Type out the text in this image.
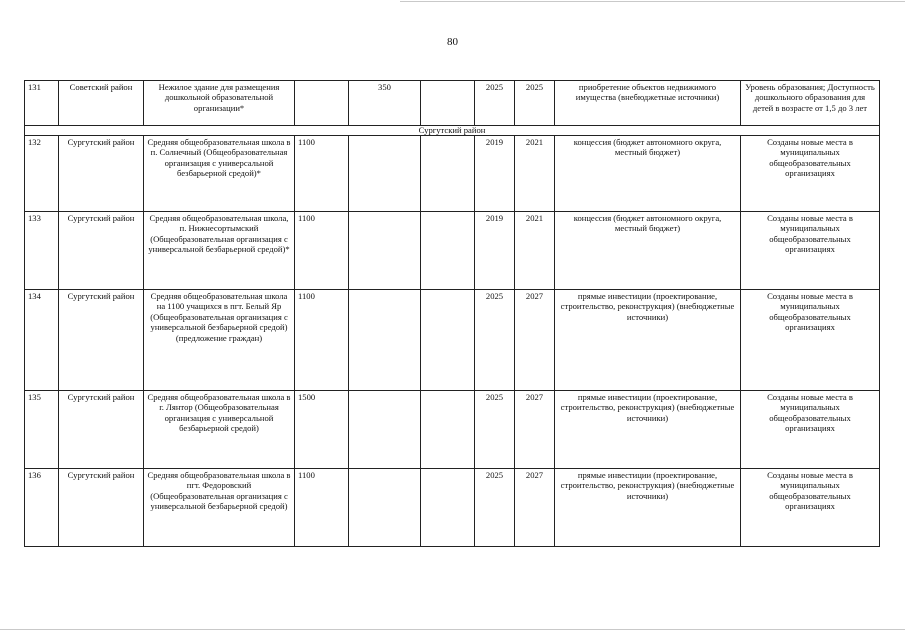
80
131	Советский район	Нежилое здание для размещения дошкольной образовательной организации*		350		2025	2025	приобретение объектов недвижимого имущества (внебюджетные источники)	Уровень образования; Доступность дошкольного образования для детей в возрасте от 1,5 до 3 лет
Сургутский район									
132	Сургутский район	Средняя общеобразовательная школа в п. Солнечный (Общеобразовательная организация с универсальной безбарьерной средой)*	1100			2019	2021	концессия (бюджет автономного округа, местный бюджет)	Созданы новые места в муниципальных общеобразовательных организациях
133	Сургутский район	Средняя общеобразовательная школа, п. Нижнесортымский (Общеобразовательная организация с универсальной безбарьерной средой)*	1100			2019	2021	концессия (бюджет автономного округа, местный бюджет)	Созданы новые места в муниципальных общеобразовательных организациях
134	Сургутский район	Средняя общеобразовательная школа на 1100 учащихся в пгт. Белый Яр (Общеобразовательная организация с универсальной безбарьерной средой) (предложение граждан)	1100			2025	2027	прямые инвестиции (проектирование, строительство, реконструкция) (внебюджетные источники)	Созданы новые места в муниципальных общеобразовательных организациях
135	Сургутский район	Средняя общеобразовательная школа в г. Лянтор (Общеобразовательная организация с универсальной безбарьерной средой)	1500			2025	2027	прямые инвестиции (проектирование, строительство, реконструкция) (внебюджетные источники)	Созданы новые места в муниципальных общеобразовательных организациях
136	Сургутский район	Средняя общеобразовательная школа в пгт. Федоровский (Общеобразовательная организация с универсальной безбарьерной средой)	1100			2025	2027	прямые инвестиции (проектирование, строительство, реконструкция) (внебюджетные источники)	Созданы новые места в муниципальных общеобразовательных организациях
